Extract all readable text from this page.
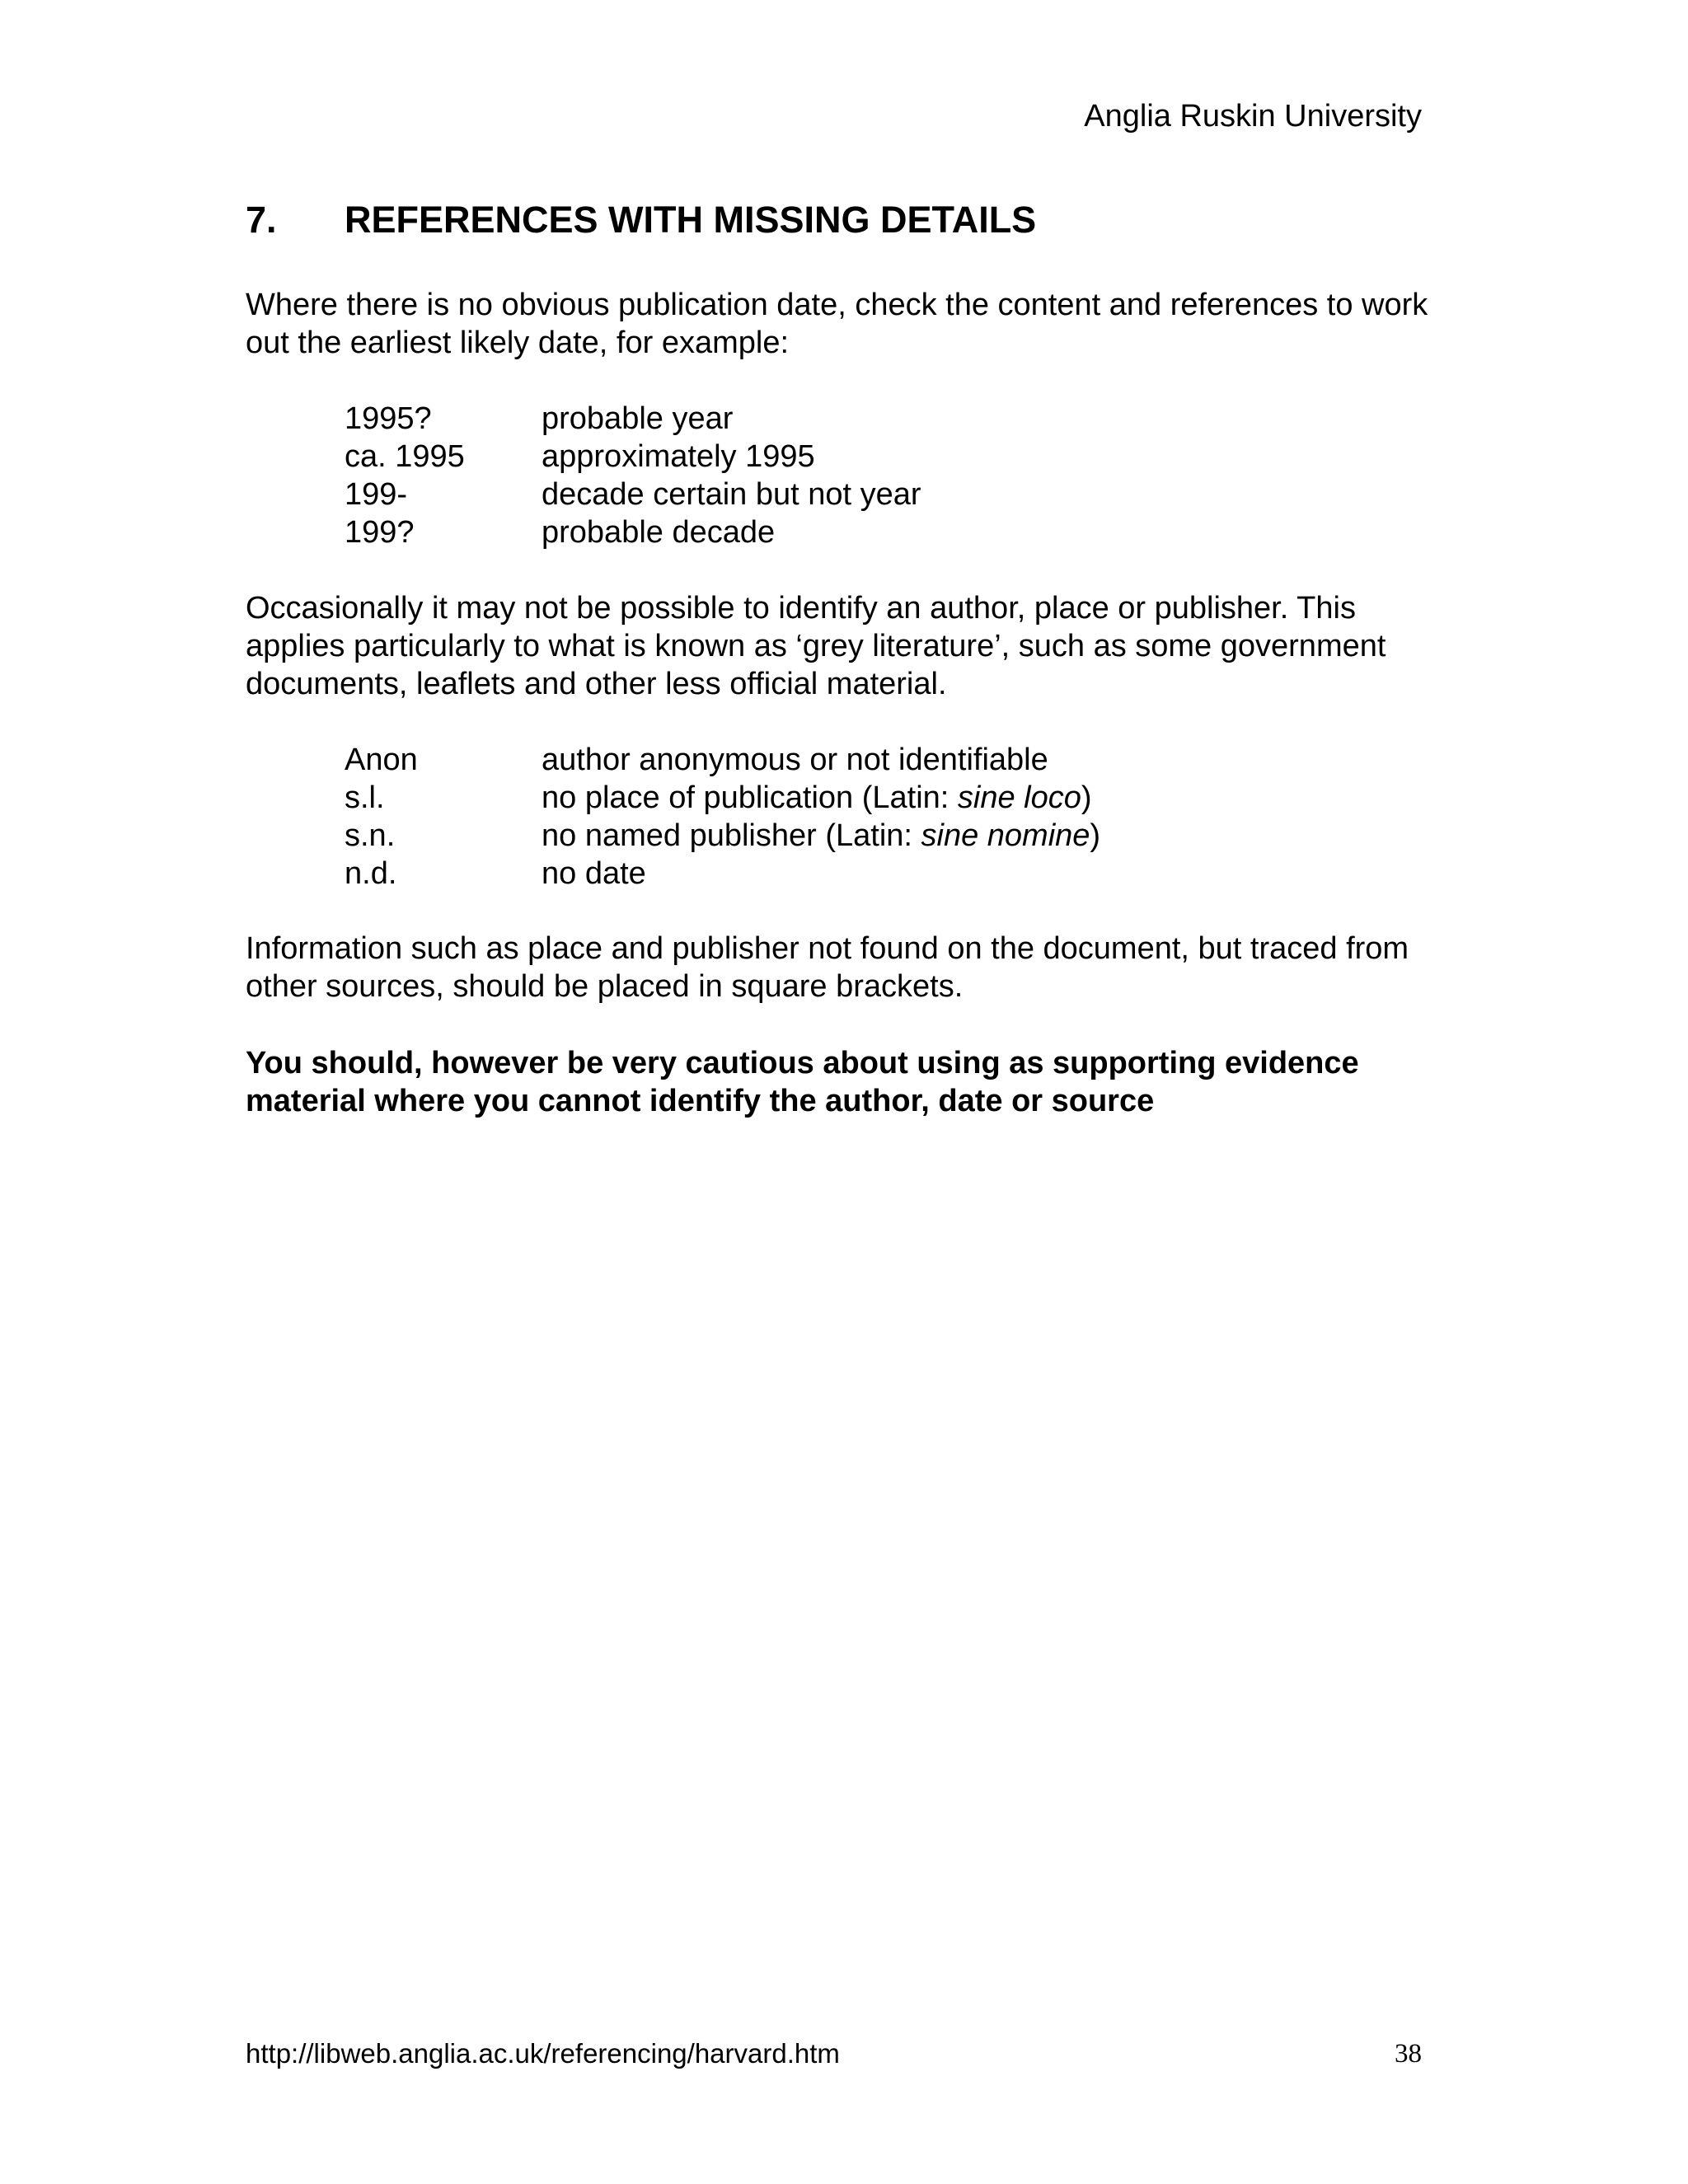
Anglia Ruskin University
7. REFERENCES WITH MISSING DETAILS

Where there is no obvious publication date, check the content and references to work out the earliest likely date, for example:

1995?	probable year
ca. 1995	approximately 1995
199-	decade certain but not year
199?	probable decade

Occasionally it may not be possible to identify an author, place or publisher. This applies particularly to what is known as ‘grey literature’, such as some government documents, leaflets and other less official material.

Anon	author anonymous or not identifiable
s.l.	no place of publication (Latin: sine loco)
s.n.	no named publisher (Latin: sine nomine)
n.d.	no date

Information such as place and publisher not found on the document, but traced from other sources, should be placed in square brackets.

You should, however be very cautious about using as supporting evidence material where you cannot identify the author, date or source

http://libweb.anglia.ac.uk/referencing/harvard.htm	38
